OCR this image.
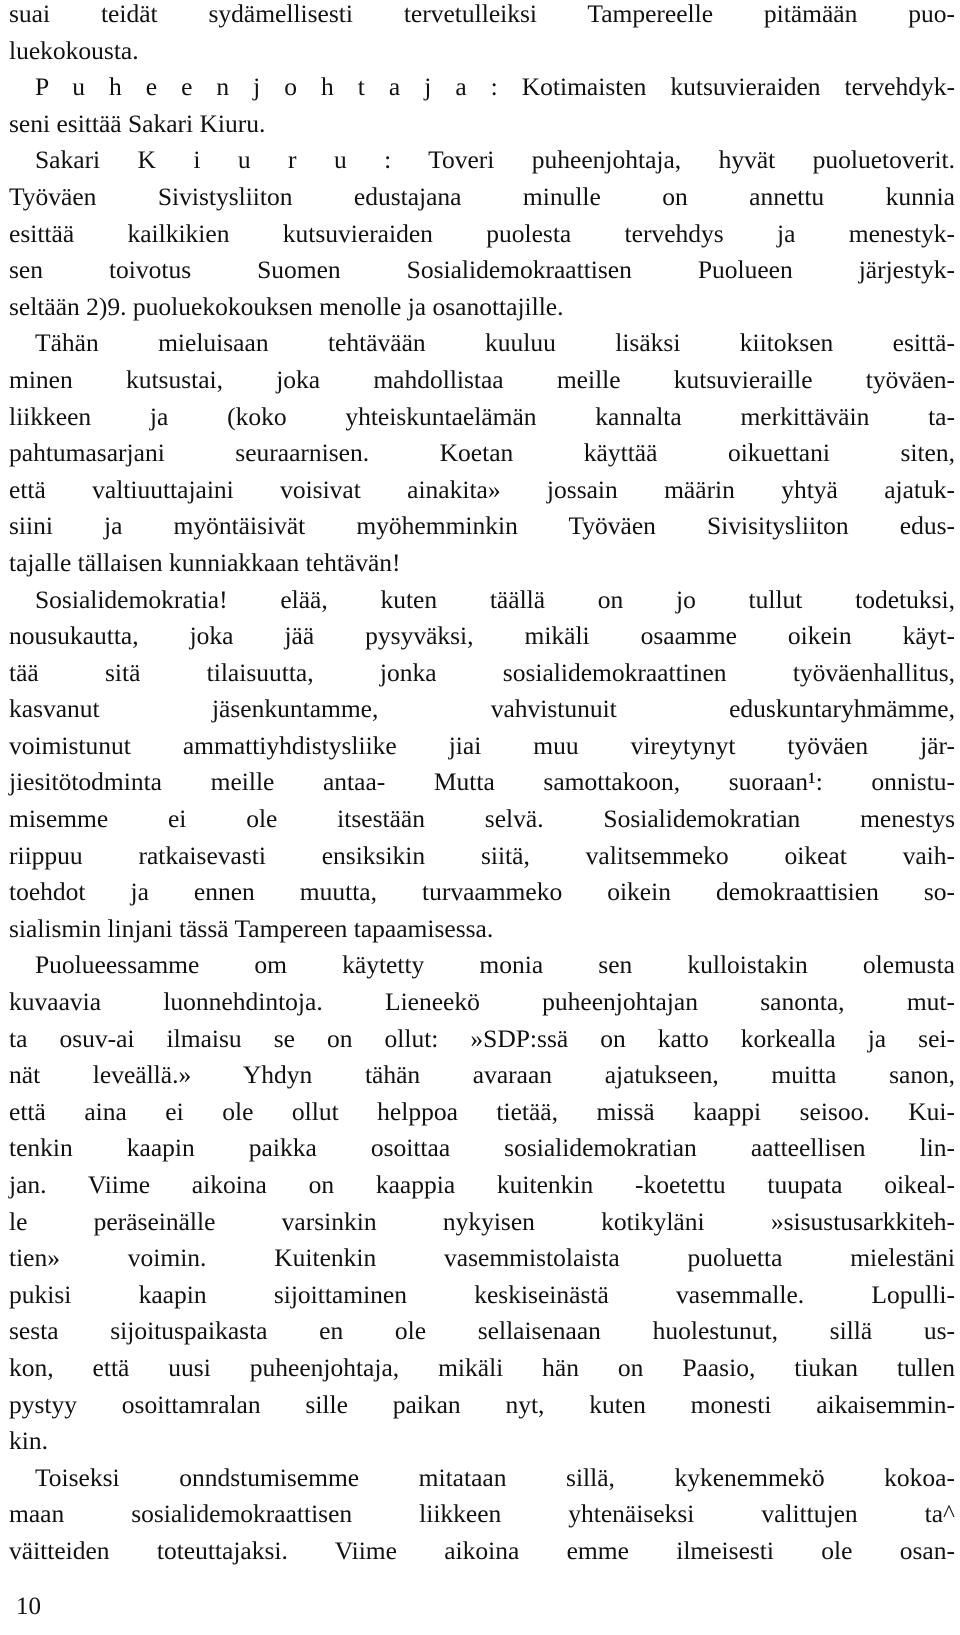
suai teidät sydämellisesti tervetulleiksi Tampereelle pitämään puo-
luekokousta.
P u h e e n j o h t a j a : Kotimaisten kutsuvieraiden tervehdyk-
seni esittää Sakari Kiuru.
Sakari K i u r u : Toveri puheenjohtaja, hyvät puoluetoverit.
Työväen Sivistysliiton edustajana minulle on annettu kunnia
esittää kailkikien kutsuvieraiden puolesta tervehdys ja menestyk-
sen toivotus Suomen Sosialidemokraattisen Puolueen järjestyk-
seltään 2)9. puoluekokouksen menolle ja osanottajille.
Tähän mieluisaan tehtävään kuuluu lisäksi kiitoksen esittä-
minen kutsustai, joka mahdollistaa meille kutsuvieraille työväen-
liikkeen ja (koko yhteiskuntaelämän kannalta merkittäväin ta-
pahtumasarjani seuraarnisen. Koetan käyttää oikuettani siten,
että valtiuuttajaini voisivat ainakita» jossain määrin yhtyä ajatuk-
siini ja myöntäisivät myöhemminkin Työväen Sivisitysliiton edus-
tajalle tällaisen kunniakkaan tehtävän!
Sosialidemokratia! elää, kuten täällä on jo tullut todetuksi,
nousukautta, joka jää pysyväksi, mikäli osaamme oikein käyt-
tää sitä tilaisuutta, jonka sosialidemokraattinen työväenhallitus,
kasvanut jäsenkuntamme, vahvistunuit eduskuntaryhmämme,
voimistunut ammattiyhdistysliike jiai muu vireytynyt työväen jär-
jiesitötodminta meille antaa- Mutta samottakoon, suoraan¹: onnistu-
misemme ei ole itsestään selvä. Sosialidemokratian menestys
riippuu ratkaisevasti ensiksikin siitä, valitsemmeko oikeat vaih-
toehdot ja ennen muutta, turvaammeko oikein demokraattisien so-
sialismin linjani tässä Tampereen tapaamisessa.
Puolueessamme om käytetty monia sen kulloistakin olemusta
kuvaavia luonnehdintoja. Lieneekö puheenjohtajan sanonta, mut-
ta osuv-ai ilmaisu se on ollut: »SDP:ssä on katto korkealla ja sei-
nät leveällä.» Yhdyn tähän avaraan ajatukseen, muitta sanon,
että aina ei ole ollut helppoa tietää, missä kaappi seisoo. Kui-
tenkin kaapin paikka osoittaa sosialidemokratian aatteellisen lin-
jan. Viime aikoina on kaappia kuitenkin -koetettu tuupata oikeal-
le peräseinälle varsinkin nykyisen kotikyläni »sisustusarkkiteh-
tien» voimin. Kuitenkin vasemmistolaista puoluetta mielestäni
pukisi kaapin sijoittaminen keskiseinästä vasemmalle. Lopulli-
sesta sijoituspaikasta en ole sellaisenaan huolestunut, sillä us-
kon, että uusi puheenjohtaja, mikäli hän on Paasio, tiukan tullen
pystyy osoittamralan sille paikan nyt, kuten monesti aikaisemmin-
kin.
Toiseksi onndstumisemme mitataan sillä, kykenemmekö kokoa-
maan sosialidemokraattisen liikkeen yhtenäiseksi valittujen ta^
väitteiden toteuttajaksi. Viime aikoina emme ilmeisesti ole osan-
10
